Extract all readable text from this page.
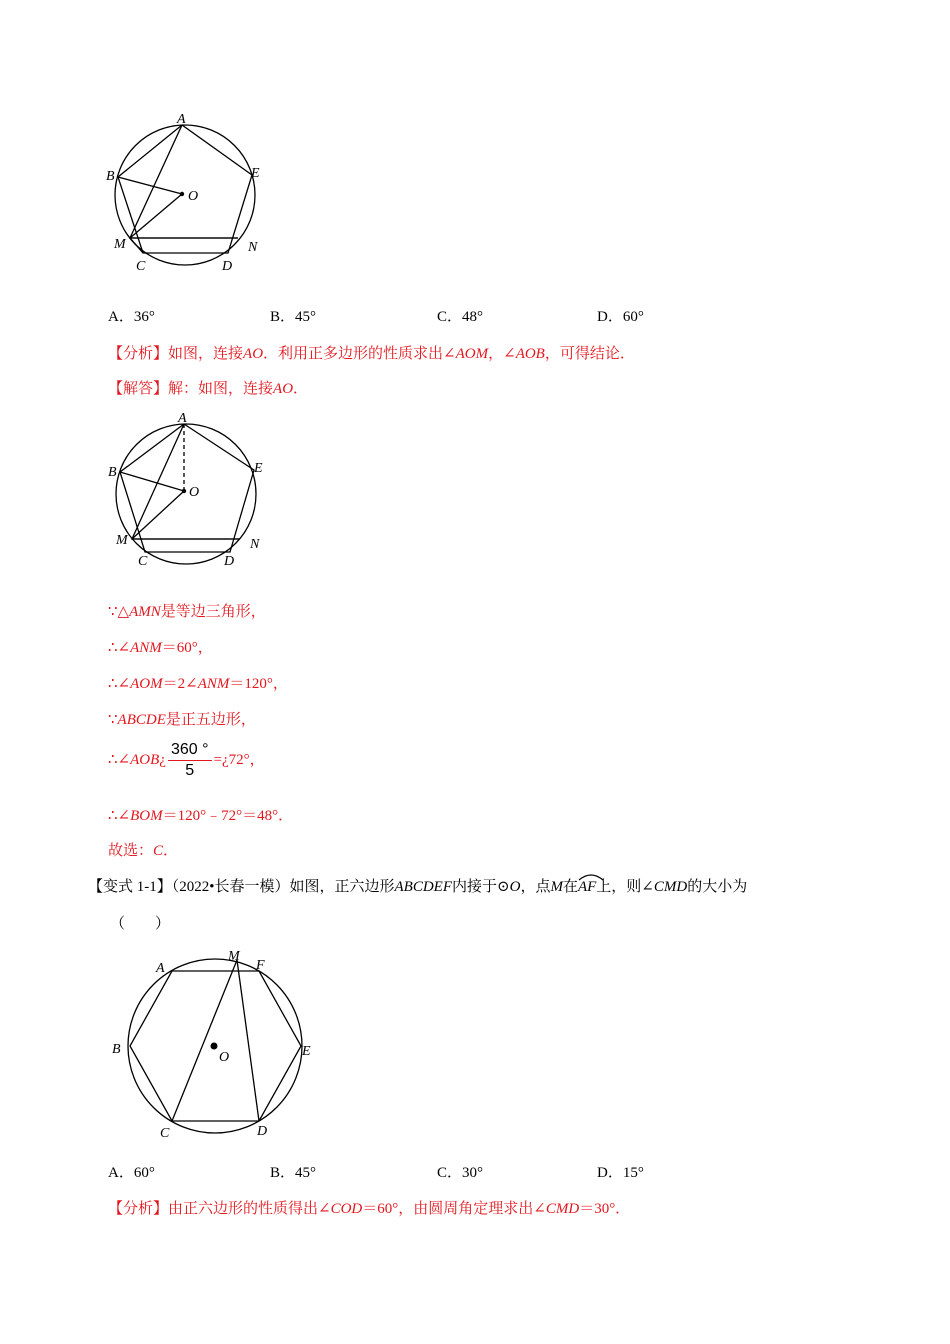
A
B
O
E
M	N
C	D
A．36°	B．45°	C．48°	D．60°
【分析】如图，连接AO．利用正多边形的性质求出∠AOM，∠AOB，可得结论．
【解答】解：如图，连接AO．
A
B
O
E
M	N
C	D
∵△AMN是等边三角形，
∴∠ANM＝60°，
∴∠AOM＝2∠ANM＝120°，
∵ABCDE是正五边形，
∴∠AOB¿ $\frac{360 ^\circ}{5}$ =¿72°，
∴∠BOM＝120°﹣72°＝48°．
故选：C．
【变式 1-1】（2022•长春一模）如图，正六边形ABCDEF内接于⊙O，点M在
AF上，则∠CMD的大小为
（　　）
A
M
F
B
O	E
C	D
A．60°	B．45°	C．30°	D．15°
【分析】由正六边形的性质得出∠COD＝60°，由圆周角定理求出∠CMD＝30°．
